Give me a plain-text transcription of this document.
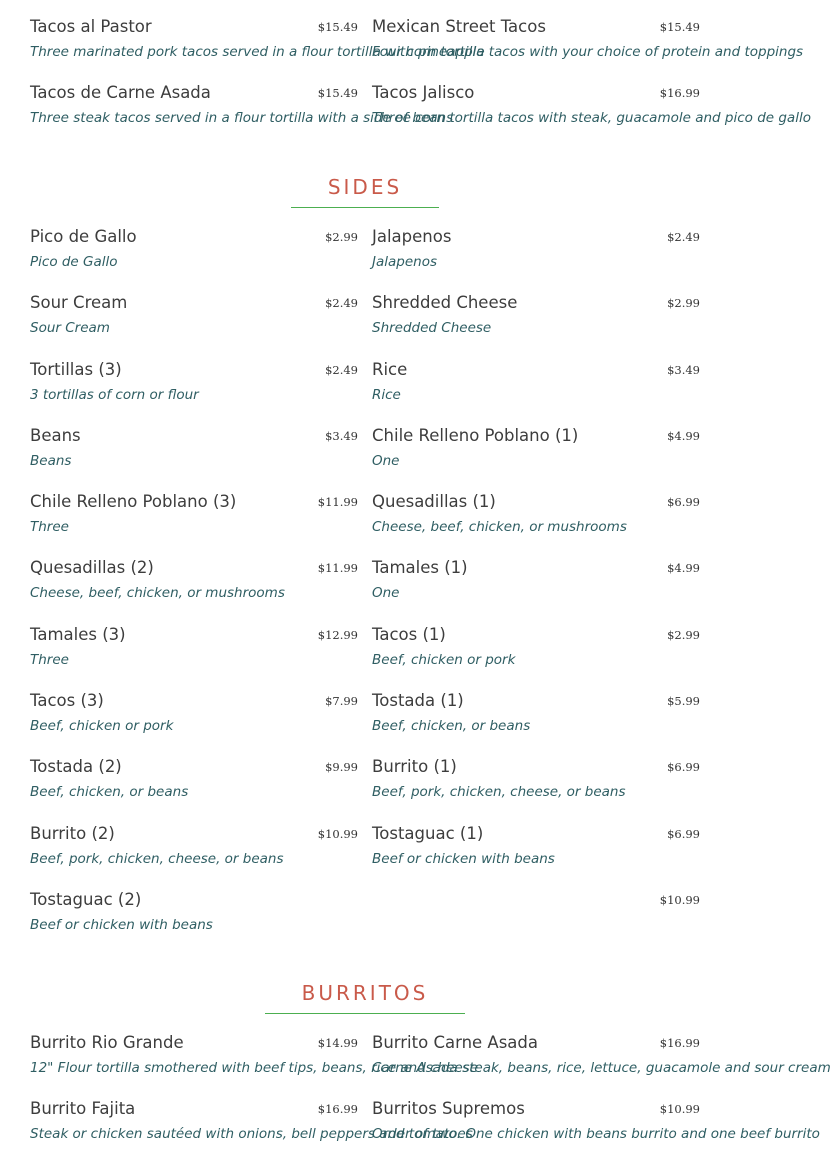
Tacos al Pastor	$15.49
Three marinated pork tacos served in a flour tortilla with pineapple
Mexican Street Tacos	$15.49
Four corn tortilla tacos with your choice of protein and toppings
Tacos de Carne Asada	$15.49
Three steak tacos served in a flour tortilla with a side of beans
Tacos Jalisco	$16.99
Three corn tortilla tacos with steak, guacamole and pico de gallo
SIDES
Pico de Gallo	$2.99
Pico de Gallo
Jalapenos	$2.49
Jalapenos
Sour Cream	$2.49
Sour Cream
Shredded Cheese	$2.99
Shredded Cheese
Tortillas (3)	$2.49
3 tortillas of corn or flour
Rice	$3.49
Rice
Beans	$3.49
Beans
Chile Relleno Poblano (1)	$4.99
One
Chile Relleno Poblano (3)	$11.99
Three
Quesadillas (1)	$6.99
Cheese, beef, chicken, or mushrooms
Quesadillas (2)	$11.99
Cheese, beef, chicken, or mushrooms
Tamales (1)	$4.99
One
Tamales (3)	$12.99
Three
Tacos (1)	$2.99
Beef, chicken or pork
Tacos (3)	$7.99
Beef, chicken or pork
Tostada (1)	$5.99
Beef, chicken, or beans
Tostada (2)	$9.99
Beef, chicken, or beans
Burrito (1)	$6.99
Beef, pork, chicken, cheese, or beans
Burrito (2)	$10.99
Beef, pork, chicken, cheese, or beans
Tostaguac (1)	$6.99
Beef or chicken with beans
Tostaguac (2)	$10.99
Beef or chicken with beans
BURRITOS
Burrito Rio Grande	$14.99
12" Flour tortilla smothered with beef tips, beans, rice and cheese
Burrito Carne Asada	$16.99
Carne Asada steak, beans, rice, lettuce, guacamole and sour cream
Burrito Fajita	$16.99
Steak or chicken sautéed with onions, bell peppers and tomatoes
Burritos Supremos	$10.99
Order of two. One chicken with beans burrito and one beef burrito
